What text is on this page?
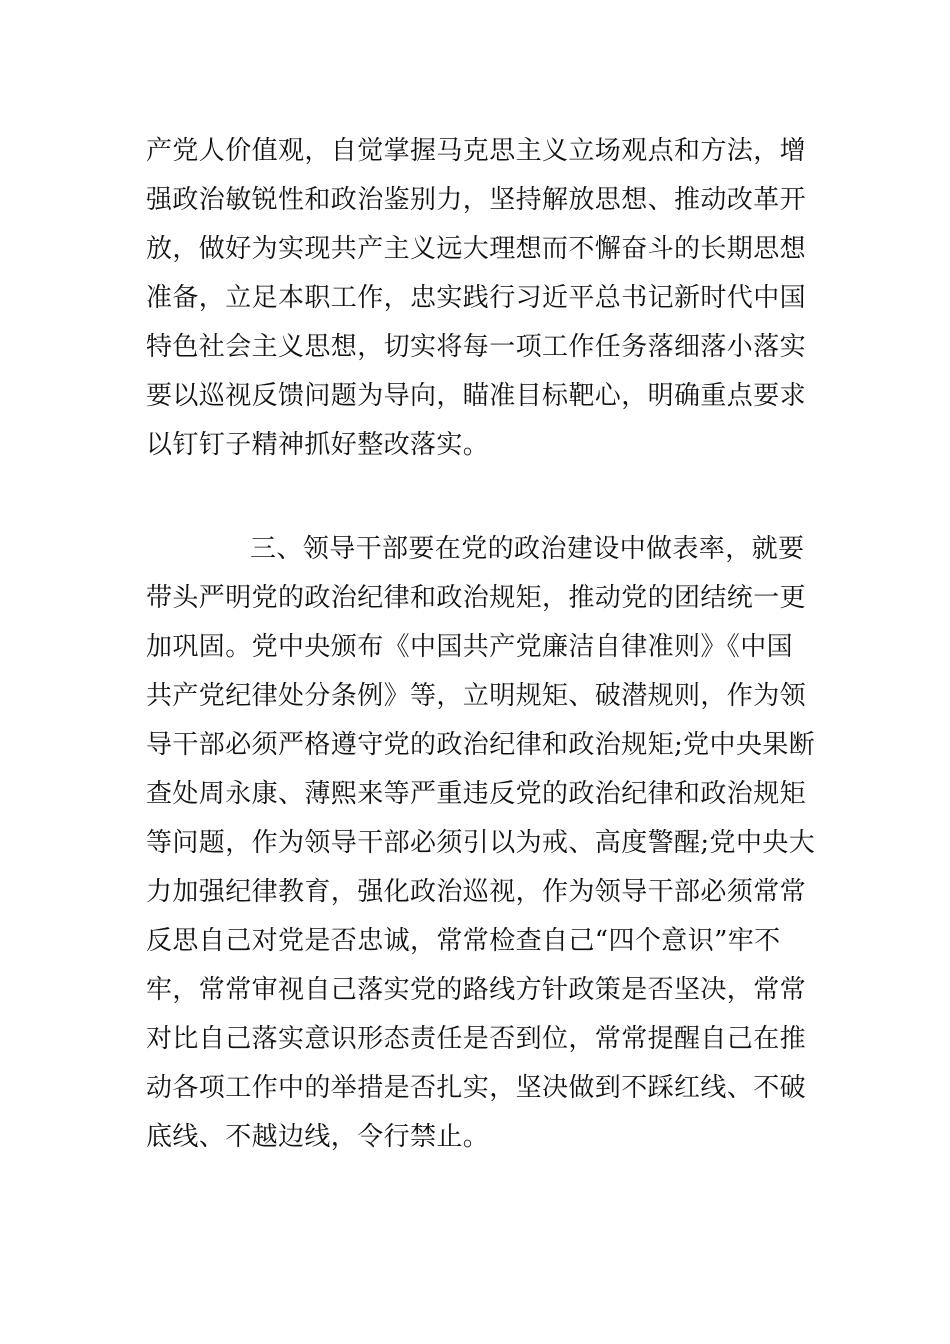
产党人价值观，自觉掌握马克思主义立场观点和方法，增
强政治敏锐性和政治鉴别力，坚持解放思想、推动改革开
放，做好为实现共产主义远大理想而不懈奋斗的长期思想
准备，立足本职工作，忠实践行习近平总书记新时代中国
特色社会主义思想，切实将每一项工作任务落细落小落实
要以巡视反馈问题为导向，瞄准目标靶心，明确重点要求
以钉钉子精神抓好整改落实。

三、领导干部要在党的政治建设中做表率，就要
带头严明党的政治纪律和政治规矩，推动党的团结统一更
加巩固。党中央颁布《中国共产党廉洁自律准则》《中国
共产党纪律处分条例》等，立明规矩、破潜规则，作为领
导干部必须严格遵守党的政治纪律和政治规矩;党中央果断
查处周永康、薄熙来等严重违反党的政治纪律和政治规矩
等问题，作为领导干部必须引以为戒、高度警醒;党中央大
力加强纪律教育，强化政治巡视，作为领导干部必须常常
反思自己对党是否忠诚，常常检查自己“四个意识”牢不
牢，常常审视自己落实党的路线方针政策是否坚决，常常
对比自己落实意识形态责任是否到位，常常提醒自己在推
动各项工作中的举措是否扎实，坚决做到不踩红线、不破
底线、不越边线，令行禁止。
